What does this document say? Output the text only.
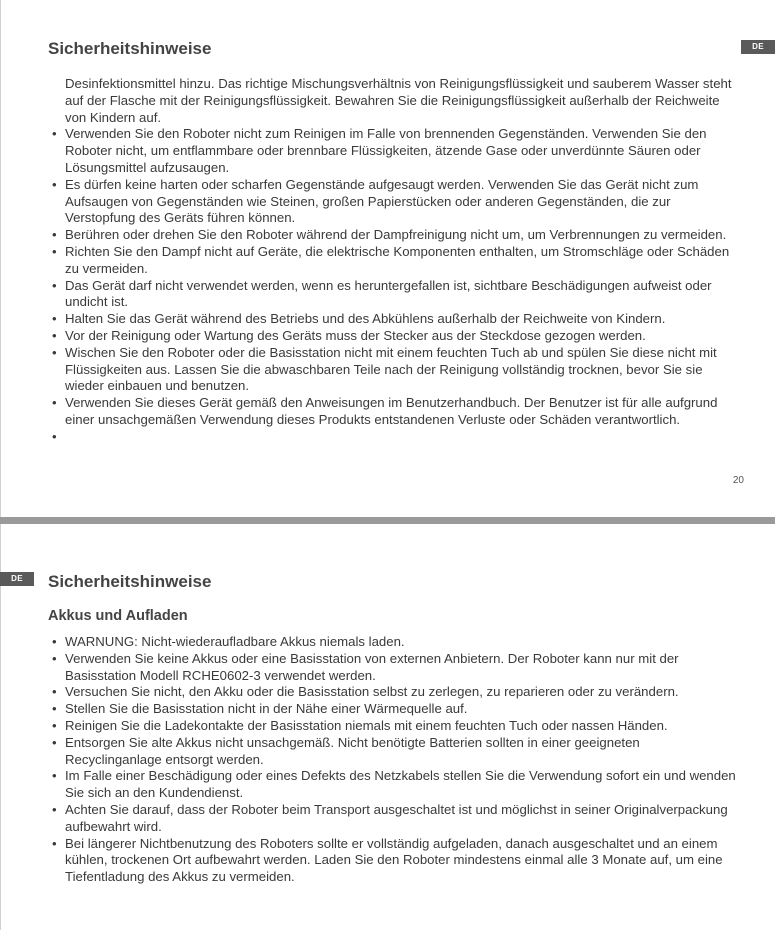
Sicherheitshinweise	DE

Desinfektionsmittel hinzu. Das richtige Mischungsverhältnis von Reinigungsflüssigkeit und sauberem Wasser steht auf der Flasche mit der Reinigungsflüssigkeit. Bewahren Sie die Reinigungsflüssigkeit außerhalb der Reichweite von Kindern auf.

• Verwenden Sie den Roboter nicht zum Reinigen im Falle von brennenden Gegenständen. Verwenden Sie den Roboter nicht, um entflammbare oder brennbare Flüssigkeiten, ätzende Gase oder unverdünnte Säuren oder Lösungsmittel aufzusaugen.
• Es dürfen keine harten oder scharfen Gegenstände aufgesaugt werden. Verwenden Sie das Gerät nicht zum Aufsaugen von Gegenständen wie Steinen, großen Papierstücken oder anderen Gegenständen, die zur Verstopfung des Geräts führen können.
• Berühren oder drehen Sie den Roboter während der Dampfreinigung nicht um, um Verbrennungen zu vermeiden.
• Richten Sie den Dampf nicht auf Geräte, die elektrische Komponenten enthalten, um Stromschläge oder Schäden zu vermeiden.
• Das Gerät darf nicht verwendet werden, wenn es heruntergefallen ist, sichtbare Beschädigungen aufweist oder undicht ist.
• Halten Sie das Gerät während des Betriebs und des Abkühlens außerhalb der Reichweite von Kindern.
• Vor der Reinigung oder Wartung des Geräts muss der Stecker aus der Steckdose gezogen werden.
• Wischen Sie den Roboter oder die Basisstation nicht mit einem feuchten Tuch ab und spülen Sie diese nicht mit Flüssigkeiten aus. Lassen Sie die abwaschbaren Teile nach der Reinigung vollständig trocknen, bevor Sie sie wieder einbauen und benutzen.
• Verwenden Sie dieses Gerät gemäß den Anweisungen im Benutzerhandbuch. Der Benutzer ist für alle aufgrund einer unsachgemäßen Verwendung dieses Produkts entstandenen Verluste oder Schäden verantwortlich.
20
DE	Sicherheitshinweise
Akkus und Aufladen
• WARNUNG: Nicht-wiederaufladbare Akkus niemals laden.
• Verwenden Sie keine Akkus oder eine Basisstation von externen Anbietern. Der Roboter kann nur mit der Basisstation Modell RCHE0602-3 verwendet werden.
• Versuchen Sie nicht, den Akku oder die Basisstation selbst zu zerlegen, zu reparieren oder zu verändern.
• Stellen Sie die Basisstation nicht in der Nähe einer Wärmequelle auf.
• Reinigen Sie die Ladekontakte der Basisstation niemals mit einem feuchten Tuch oder nassen Händen.
• Entsorgen Sie alte Akkus nicht unsachgemäß. Nicht benötigte Batterien sollten in einer geeigneten Recyclinganlage entsorgt werden.
• Im Falle einer Beschädigung oder eines Defekts des Netzkabels stellen Sie die Verwendung sofort ein und wenden Sie sich an den Kundendienst.
• Achten Sie darauf, dass der Roboter beim Transport ausgeschaltet ist und möglichst in seiner Originalverpackung aufbewahrt wird.
• Bei längerer Nichtbenutzung des Roboters sollte er vollständig aufgeladen, danach ausgeschaltet und an einem kühlen, trockenen Ort aufbewahrt werden. Laden Sie den Roboter mindestens einmal alle 3 Monate auf, um eine Tiefentladung des Akkus zu vermeiden.
